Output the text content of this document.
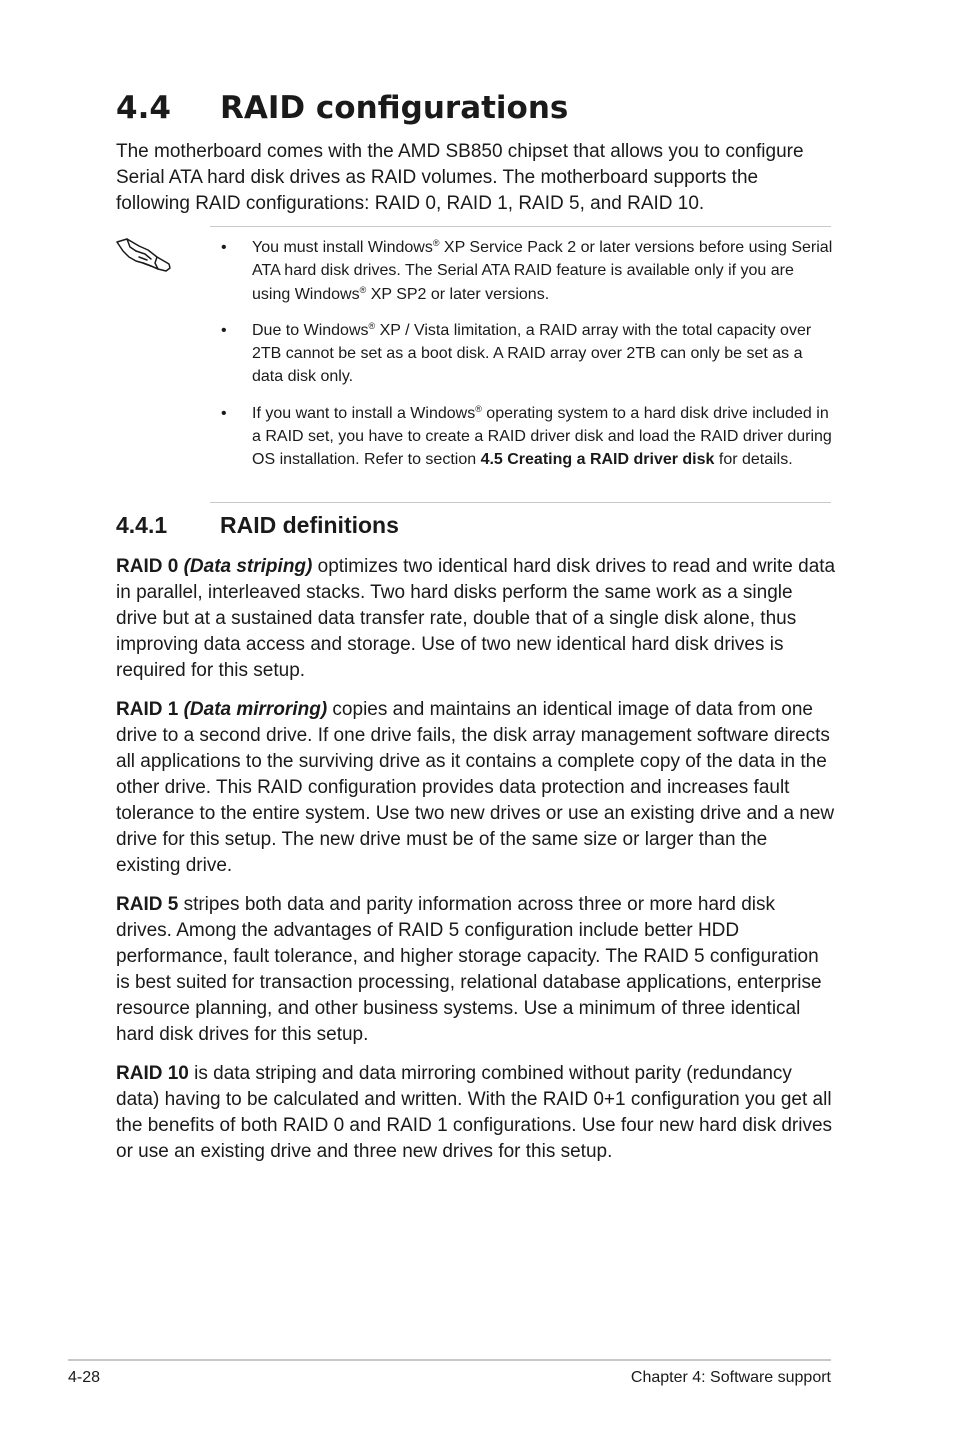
4.4 RAID configurations

The motherboard comes with the AMD SB850 chipset that allows you to configure Serial ATA hard disk drives as RAID volumes. The motherboard supports the following RAID configurations: RAID 0, RAID 1, RAID 5, and RAID 10.

• You must install Windows® XP Service Pack 2 or later versions before using Serial ATA hard disk drives. The Serial ATA RAID feature is available only if you are using Windows® XP SP2 or later versions.
• Due to Windows® XP / Vista limitation, a RAID array with the total capacity over 2TB cannot be set as a boot disk. A RAID array over 2TB can only be set as a data disk only.
• If you want to install a Windows® operating system to a hard disk drive included in a RAID set, you have to create a RAID driver disk and load the RAID driver during OS installation. Refer to section 4.5 Creating a RAID driver disk for details.
4.4.1 RAID definitions

RAID 0 (Data striping) optimizes two identical hard disk drives to read and write data in parallel, interleaved stacks. Two hard disks perform the same work as a single drive but at a sustained data transfer rate, double that of a single disk alone, thus improving data access and storage. Use of two new identical hard disk drives is required for this setup.

RAID 1 (Data mirroring) copies and maintains an identical image of data from one drive to a second drive. If one drive fails, the disk array management software directs all applications to the surviving drive as it contains a complete copy of the data in the other drive. This RAID configuration provides data protection and increases fault tolerance to the entire system. Use two new drives or use an existing drive and a new drive for this setup. The new drive must be of the same size or larger than the existing drive.

RAID 5 stripes both data and parity information across three or more hard disk drives. Among the advantages of RAID 5 configuration include better HDD performance, fault tolerance, and higher storage capacity. The RAID 5 configuration is best suited for transaction processing, relational database applications, enterprise resource planning, and other business systems. Use a minimum of three identical hard disk drives for this setup.

RAID 10 is data striping and data mirroring combined without parity (redundancy data) having to be calculated and written. With the RAID 0+1 configuration you get all the benefits of both RAID 0 and RAID 1 configurations. Use four new hard disk drives or use an existing drive and three new drives for this setup.

4-28	Chapter 4: Software support
